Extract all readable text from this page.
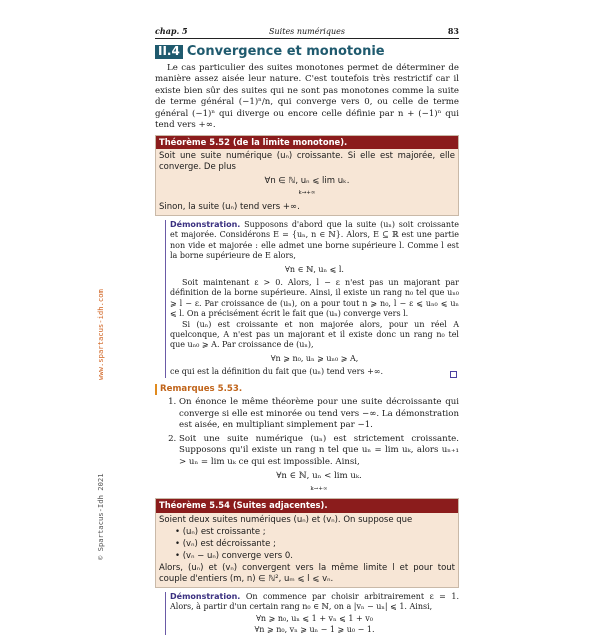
www.spartacus-idh.com
© Spartacus-Idh 2021
chap. 5	Suites numériques	83
II.4 Convergence et monotonie

Le cas particulier des suites monotones permet de déterminer de manière assez aisée leur nature. C'est toutefois très restrictif car il existe bien sûr des suites qui ne sont pas monotones comme la suite de terme général (−1)ⁿ/n, qui converge vers 0, ou celle de terme général (−1)ⁿ qui diverge ou encore celle définie par n + (−1)ⁿ qui tend vers +∞.

Théorème 5.52 (de la limite monotone).

Soit une suite numérique (uₙ) croissante. Si elle est majorée, elle converge. De plus

∀n ∈ ℕ, uₙ ⩽ lim uₖ.
k→+∞

Sinon, la suite (uₙ) tend vers +∞.

Démonstration. Supposons d'abord que la suite (uₙ) soit croissante et majorée. Considérons E = {uₙ, n ∈ ℕ}. Alors, E ⊆ ℝ est une partie non vide et majorée : elle admet une borne supérieure l. Comme l est la borne supérieure de E alors,

∀n ∈ ℕ, uₙ ⩽ l.

Soit maintenant ε > 0. Alors, l − ε n'est pas un majorant par définition de la borne supérieure. Ainsi, il existe un rang n₀ tel que uₙ₀ ⩾ l − ε. Par croissance de (uₙ), on a pour tout n ⩾ n₀, l − ε ⩽ uₙ₀ ⩽ uₙ ⩽ l. On a précisément écrit le fait que (uₙ) converge vers l.

Si (uₙ) est croissante et non majorée alors, pour un réel A quelconque, A n'est pas un majorant et il existe donc un rang n₀ tel que uₙ₀ ⩾ A. Par croissance de (uₙ),

∀n ⩾ n₀, uₙ ⩾ uₙ₀ ⩾ A,

ce qui est la définition du fait que (uₙ) tend vers +∞.

Remarques 5.53.
1. On énonce le même théorème pour une suite décroissante qui converge si elle est minorée ou tend vers −∞. La démonstration est aisée, en multipliant simplement par −1.
2. Soit une suite numérique (uₙ) est strictement croissante. Supposons qu'il existe un rang n tel que uₙ = lim uₖ, alors uₙ₊₁ > uₙ = lim uₖ ce qui est impossible. Ainsi,
∀n ∈ ℕ, uₙ < lim uₖ.
k→+∞
Théorème 5.54 (Suites adjacentes).

Soient deux suites numériques (uₙ) et (vₙ). On suppose que

• (uₙ) est croissante ;
• (vₙ) est décroissante ;
• (vₙ − uₙ) converge vers 0.

Alors, (uₙ) et (vₙ) convergent vers la même limite l et pour tout couple d'entiers (m, n) ∈ ℕ², uₘ ⩽ l ⩽ vₙ.

Démonstration. On commence par choisir arbitrairement ε = 1. Alors, à partir d'un certain rang n₀ ∈ ℕ, on a |vₙ − uₙ| ⩽ 1. Ainsi,

∀n ⩾ n₀, uₙ ⩽ 1 + vₙ ⩽ 1 + v₀
∀n ⩾ n₀, vₙ ⩾ uₙ − 1 ⩾ u₀ − 1.
